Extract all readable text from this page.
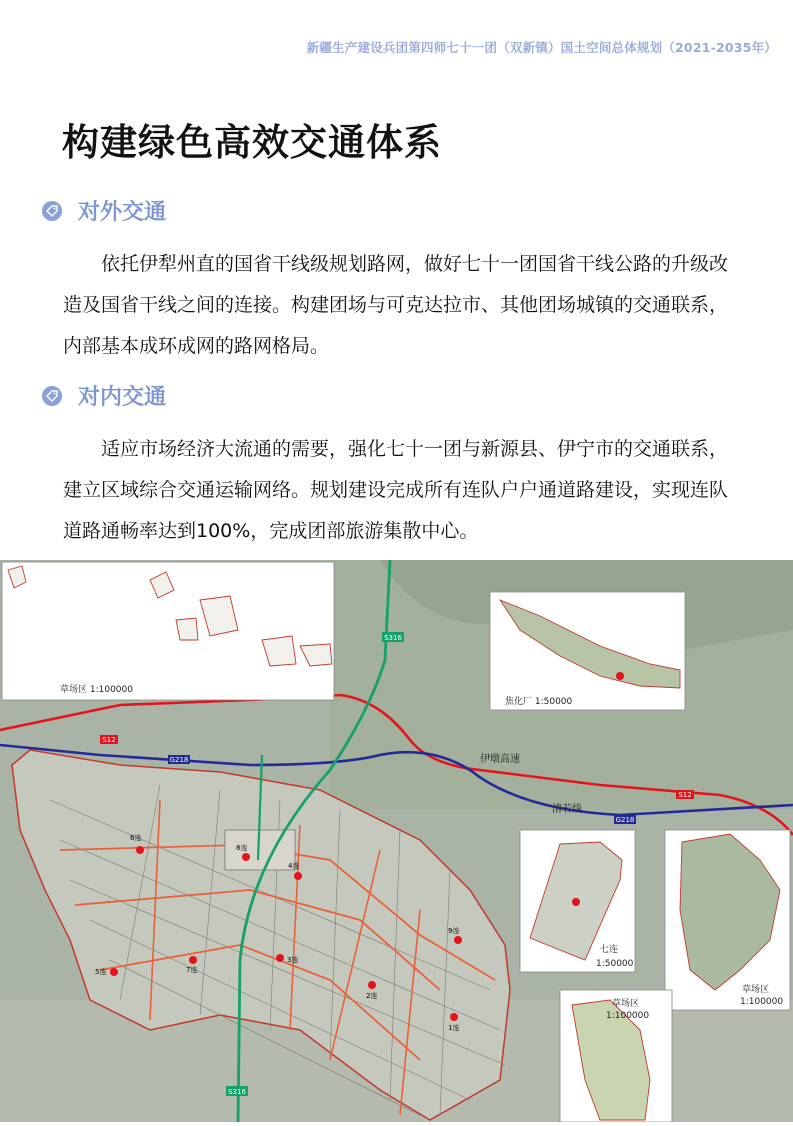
新疆生产建设兵团第四师七十一团（双新镇）国土空间总体规划（2021-2035年）
构建绿色高效交通体系
对外交通
依托伊犁州直的国省干线级规划路网，做好七十一团国省干线公路的升级改造及国省干线之间的连接。构建团场与可克达拉市、其他团场城镇的交通联系，内部基本成环成网的路网格局。
对内交通
适应市场经济大流通的需要，强化七十一团与新源县、伊宁市的交通联系，建立区域综合交通运输网络。规划建设完成所有连队户户通道路建设，实现连队道路通畅率达到100%，完成团部旅游集散中心。
S316
S316
S12
S12
G218
G218
伊墩高速
清若线
6连
8连
4连
5连	7连
3连
2连
9连
1连
草场区 1:100000
焦化厂 1:50000
七连
1:50000
草场区
1:100000
草场区
1:100000
